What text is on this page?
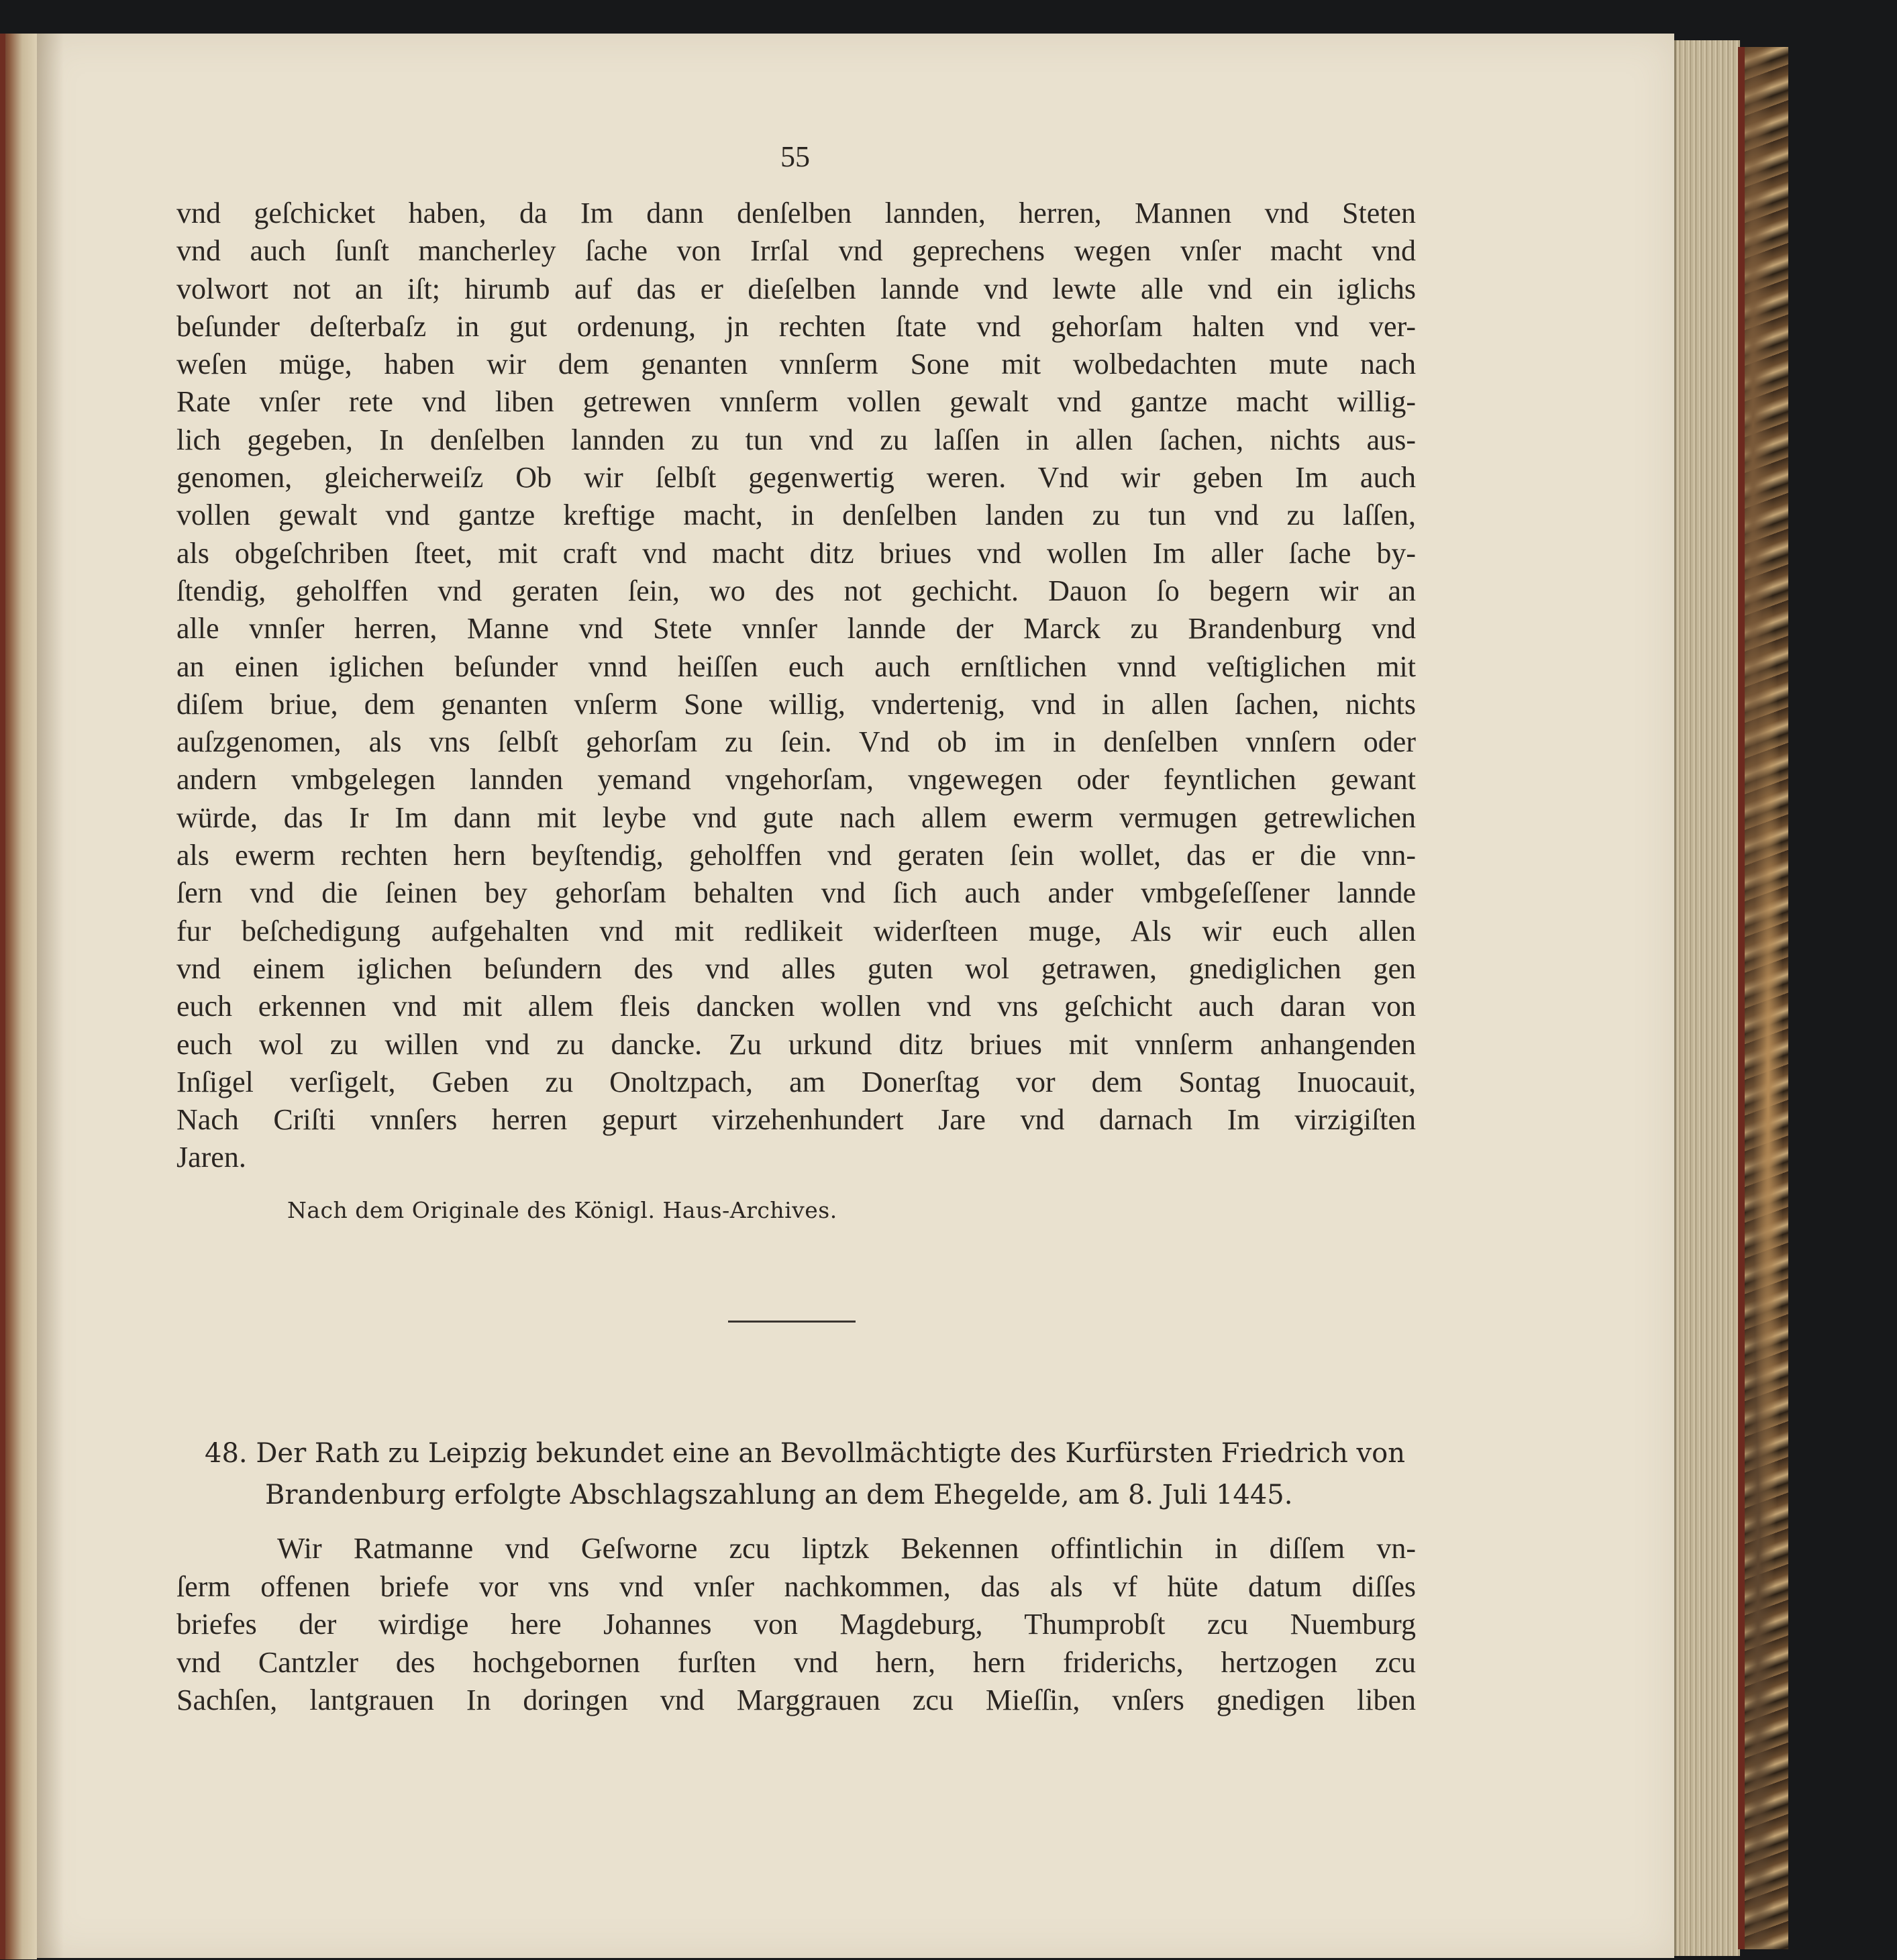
55
vnd geſchicket haben, da Im dann denſelben lannden, herren, Mannen vnd Steten
vnd auch ſunſt mancherley ſache von Irrſal vnd geprechens wegen vnſer macht vnd
volwort not an iſt; hirumb auf das er dieſelben lannde vnd lewte alle vnd ein iglichs
beſunder deſterbaſz in gut ordenung, jn rechten ſtate vnd gehorſam halten vnd ver-
weſen müge, haben wir dem genanten vnnſerm Sone mit wolbedachten mute nach
Rate vnſer rete vnd liben getrewen vnnſerm vollen gewalt vnd gantze macht willig-
lich gegeben, In denſelben lannden zu tun vnd zu laſſen in allen ſachen, nichts aus-
genomen, gleicherweiſz Ob wir ſelbſt gegenwertig weren. Vnd wir geben Im auch
vollen gewalt vnd gantze kreftige macht, in denſelben landen zu tun vnd zu laſſen,
als obgeſchriben ſteet, mit craft vnd macht ditz briues vnd wollen Im aller ſache by-
ſtendig, geholffen vnd geraten ſein, wo des not gechicht. Dauon ſo begern wir an
alle vnnſer herren, Manne vnd Stete vnnſer lannde der Marck zu Brandenburg vnd
an einen iglichen beſunder vnnd heiſſen euch auch ernſtlichen vnnd veſtiglichen mit
diſem briue, dem genanten vnſerm Sone willig, vndertenig, vnd in allen ſachen, nichts
auſzgenomen, als vns ſelbſt gehorſam zu ſein. Vnd ob im in denſelben vnnſern oder
andern vmbgelegen lannden yemand vngehorſam, vngewegen oder feyntlichen gewant
würde, das Ir Im dann mit leybe vnd gute nach allem ewerm vermugen getrewlichen
als ewerm rechten hern beyſtendig, geholffen vnd geraten ſein wollet, das er die vnn-
ſern vnd die ſeinen bey gehorſam behalten vnd ſich auch ander vmbgeſeſſener lannde
fur beſchedigung aufgehalten vnd mit redlikeit widerſteen muge, Als wir euch allen
vnd einem iglichen beſundern des vnd alles guten wol getrawen, gnediglichen gen
euch erkennen vnd mit allem fleis dancken wollen vnd vns geſchicht auch daran von
euch wol zu willen vnd zu dancke. Zu urkund ditz briues mit vnnſerm anhangenden
Inſigel verſigelt, Geben zu Onoltzpach, am Donerſtag vor dem Sontag Inuocauit,
Nach Criſti vnnſers herren gepurt virzehenhundert Jare vnd darnach Im virzigiſten
Jaren.
Nach dem Originale des Königl. Haus-Archives.
48. Der Rath zu Leipzig bekundet eine an Bevollmächtigte des Kurfürsten Friedrich von
Brandenburg erfolgte Abschlagszahlung an dem Ehegelde, am 8. Juli 1445.
Wir Ratmanne vnd Geſworne zcu liptzk Bekennen offintlichin in diſſem vn-
ſerm offenen briefe vor vns vnd vnſer nachkommen, das als vf hüte datum diſſes
briefes der wirdige here Johannes von Magdeburg, Thumprobſt zcu Nuemburg
vnd Cantzler des hochgebornen furſten vnd hern, hern friderichs, hertzogen zcu
Sachſen, lantgrauen In doringen vnd Marggrauen zcu Mieſſin, vnſers gnedigen liben
